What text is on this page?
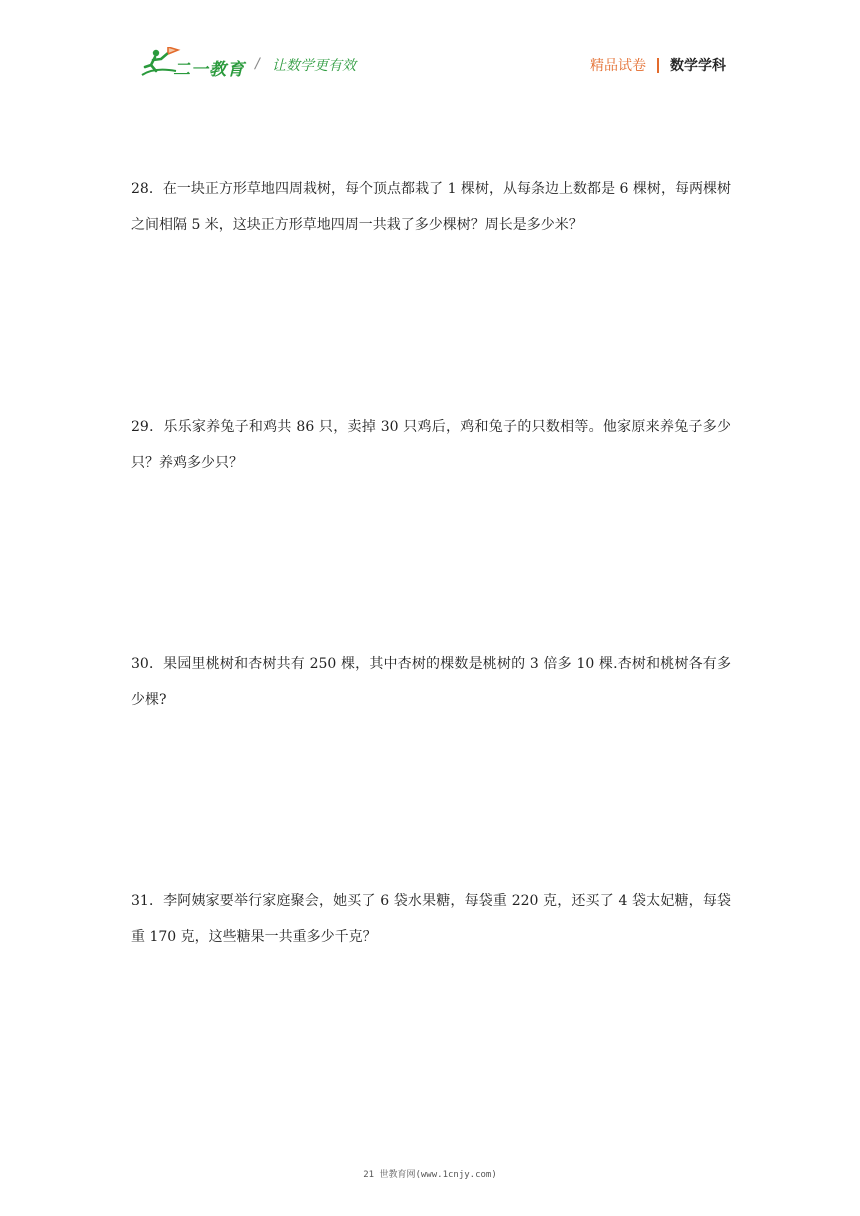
二一教育 / 让数学更有效	精品试卷 数学学科
28．在一块正方形草地四周栽树，每个顶点都栽了 1 棵树，从每条边上数都是 6 棵树，每两棵树之间相隔 5 米，这块正方形草地四周一共栽了多少棵树？周长是多少米？
29．乐乐家养兔子和鸡共 86 只，卖掉 30 只鸡后，鸡和兔子的只数相等。他家原来养兔子多少只？养鸡多少只？
30．果园里桃树和杏树共有 250 棵，其中杏树的棵数是桃树的 3 倍多 10 棵.杏树和桃树各有多少棵?
31．李阿姨家要举行家庭聚会，她买了 6 袋水果糖，每袋重 220 克，还买了 4 袋太妃糖，每袋重 170 克，这些糖果一共重多少千克？
21 世教育网(www.1cnjy.com)
